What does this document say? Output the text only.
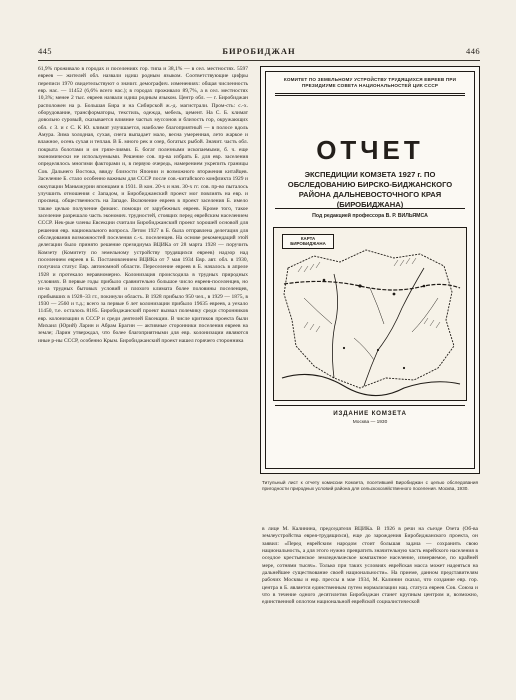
445	БИРОБИДЖАН	446

61,9% проживало в городах и поселениях гор. типа и 38,1% — в сел. местностях. 5597 евреев — жителей обл. назвали идиш родным языком. Соответствующие цифры переписи 1970 свидетельствуют о значит. демографич. изменениях: общая численность евр. нас. — 11452 (6,6% всего нас.); в городах проживало 89,7%, а в сел. местностях 10,3%; менее 2 тыс. евреев назвали идиш родным языком. Центр обл. — г. Биробиджан расположен на р. Большая Бира и на Сибирской ж.-д. магистрали. Пром-сть: с.-х. оборудование, трансформаторы, текстиль, одежда, мебель, цемент. На С. Б. климат довольно суровый, сказывается влияние частых муссонов и близость гор, окружающих обл. с З. и с С. К Ю. климат улучшается, наиболее благоприятный — в полосе вдоль Амура. Зима холодная, сухая, снега выпадает мало, весна умеренная, лето жаркое и влажное, осень сухая и теплая. В Б. много рек и озер, богатых рыбой. Значит. часть обл. покрыта болотами и он грязе-лиями. Б. богат полезными ископаемыми, б. ч. еще экономически не используемыми. Решение сов. пр-ва избрать Б. для евр. заселения определялось многими факторами и, в первую очередь, намерением укрепить границы Сов. Дальнего Востока, ввиду близости Японии и возможного вторжения китайцев. Заселение Б. стало особенно важным для СССР после сов.-китайского конфликта 1929 и оккупации Маньчжурии японцами в 1931. В кон. 20-х и нач. 30-х гг. сов. пр-во пыталось улучшить отношения с Западом, и Биробиджанский проект мог повлиять на евр. и просвещ. общественность на Западе. Включение евреев в проект заселения Б. имело также целью получение финанс. помощи от зарубежных евреев. Кроме того, такое заселение разрешало часть экономич. трудностей, стоящих перед еврейским населением СССР. Нек-рые члены Евсекции считали Биробиджанский проект хорошей основой для решения евр. национального вопроса. Летом 1927 в Б. была отправлена делегация для обследования возможностей поселения с.-х. поселенцев. На основе рекомендаций этой делегации было принято решение президиума ВЦИКа от 28 марта 1928 — поручить Комзету (Комитету по земельному устройству трудящихся евреев) надзор над поселением евреев в Б. Постановлением ВЦИКа от 7 мая 1934 Евр. авт. обл. в 1930, получила статус Евр. автономной области. Переселение евреев в Б. началось в апреле 1928 и протекало неравномерно. Колонизация происходила в трудных природных условиях. В первые годы прибыло сравнительно большое число евреев-поселенцев, но из-за трудных бытовых условий и плохого климата более половины поселенцев, прибывших в 1928–33 гг., покинули область. В 1928 прибыло 950 чел., в 1929 — 1875, в 1930 — 2560 и т.д.; всего за первые 6 лет колонизации прибыло 19635 евреев, а уехало 11450, т.е. осталось 8185. Биробиджанский проект вызвал полемику среди сторонников евр. колонизации в СССР и среди деятелей Евсекции. В числе критиков проекта были Михаил (Юрий) Ларин и Абрам Брагин — активные сторонники поселения евреев на земле; Ларин утверждал, что более благоприятными для евр. колонизации являются иные р-ны СССР, особенно Крым. Биробиджанский проект нашел горячего сторонника

КОМИТЕТ ПО ЗЕМЕЛЬНОМУ УСТРОЙСТВУ ТРУДЯЩИХСЯ ЕВРЕЕВ ПРИ ПРЕЗИДИУМЕ СОВЕТА НАЦИОНАЛЬНОСТЕЙ ЦИК СССР
ОТЧЕТ
ЭКСПЕДИЦИИ КОМЗЕТА 1927 г. ПО ОБСЛЕДОВАНИЮ БИРСКО-БИДЖАНСКОГО РАЙОНА ДАЛЬНЕВОСТОЧНОГО КРАЯ (БИРОБИДЖАНА)
Под редакцией профессора В. Р. ВИЛЬЯМСА
КАРТА БИРОБИДЖАНА
ИЗДАНИЕ КОМЗЕТА
Москва — 1930
Титульный лист к отчету комиссии Комзета, посетившей Биробиджан с целью обследования пригодности природных условий района для сельскохозяйственного поселения. Москва, 1930.

в лице М. Калинина, председателя ВЦИКа. В 1926 в речи на съезде Озета (Об-ва землеустройства еврея-трудящихся), еще до зарождения Биробиджанского проекта, он заявил: «Перед еврейским народом стоит большая задача — сохранить свою национальность, а для этого нужно превратить значительную часть еврейского населения в оседлое крестьянское земледельческое компактное население, измеряемое, по крайней мере, сотнями тысяч». Только при таких условиях еврейская масса может надеяться на дальнейшее существование своей национальности». На приеме, данном представителям рабочих Москвы и евр. прессы в мае 1934, М. Калинин сказал, что создание евр. гор. центра в Б. является единственным путем нормализации нац. статуса евреев Сов. Союза и что в течение одного десятилетия Биробиджан станет крупным центром и, возможно, единственной оплотом национальной еврейской социалистической
